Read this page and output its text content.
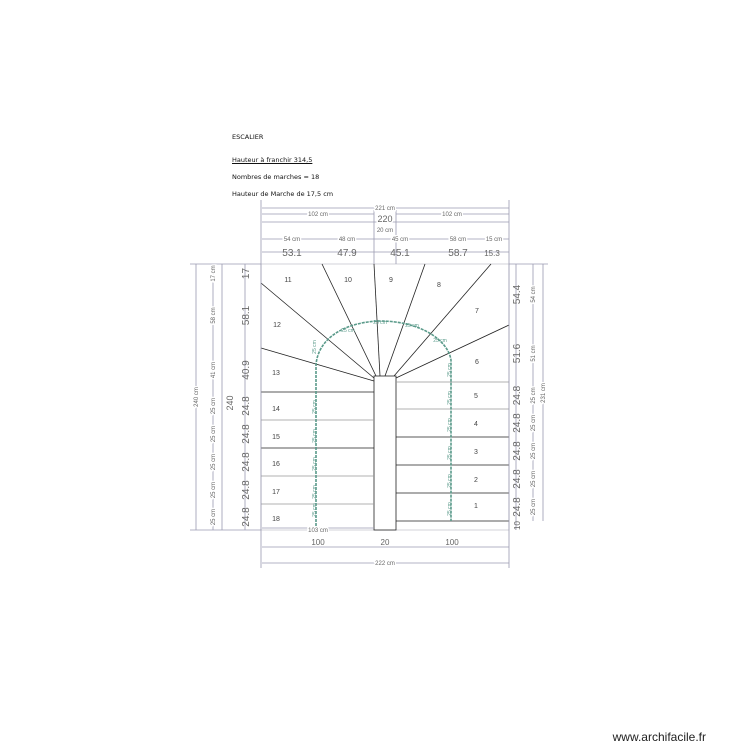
ESCALIER
Hauteur à franchir 314,5
Nombres de marches = 18
Hauteur de Marche de 17,5 cm
1
2
3
4
5
6
7
8
9
10
11
12
13
14
15
16
17
18
221 cm
102 cm	102 cm
220
20 cm
54 cm	48 cm	45 cm	58 cm	15 cm
53.1	47.9	45.1	58.7 15.3
17 cm 17
58 cm 58.1
41 cm 40.9
25 cm 24.8
25 cm 24.8
25 cm 24.8
25 cm 24.8
25 cm 24.8
240 cm	240
54.4 54 cm
51.6 51 cm
24.8 25 cm
24.8 25 cm
24.8 25 cm
24.8 25 cm
24.8 25 cm
10
231 cm
103 cm
25 cm
25 cm
25 cm
25 cm
25 cm
25 cm
25 cm
25 cm	25 cm
25 cm
25 cm
25 cm
25 cm
25 cm
25 cm
25 cm
100	20	100
222 cm
www.archifacile.fr
